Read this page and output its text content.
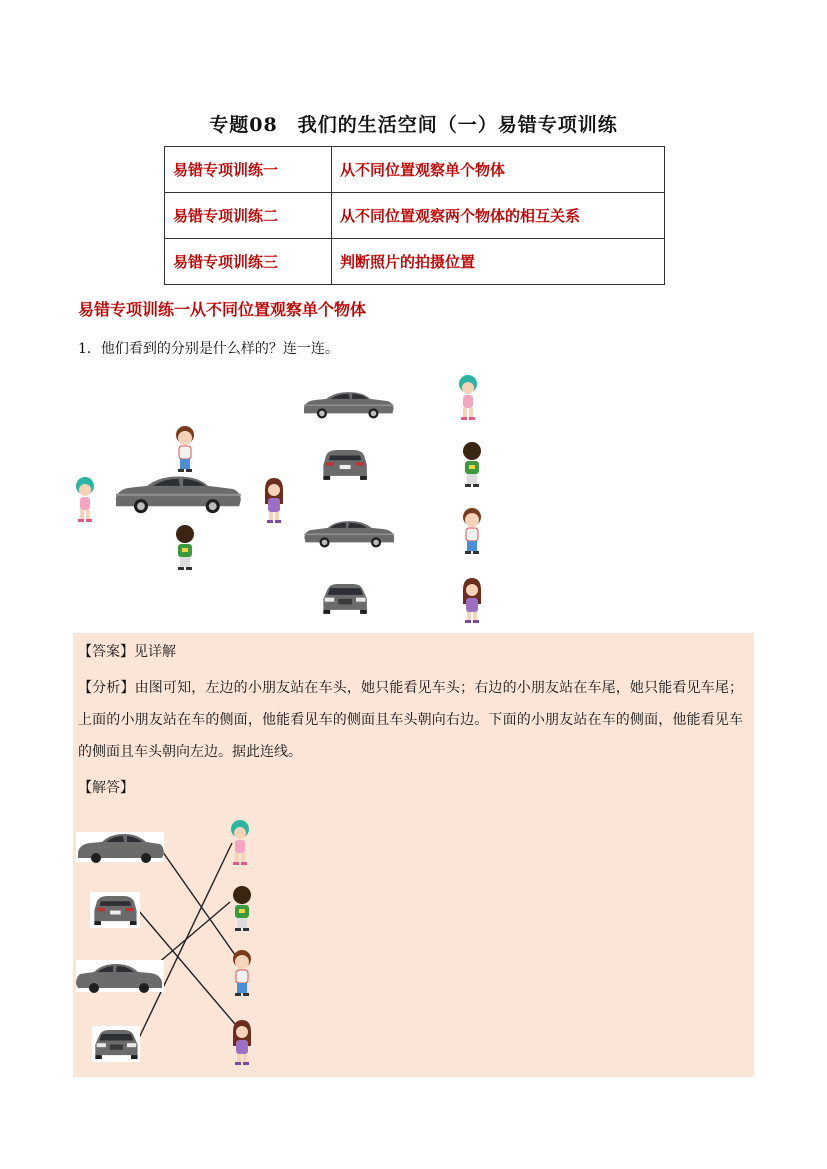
专题08　我们的生活空间（一）易错专项训练
易错专项训练一	从不同位置观察单个物体
易错专项训练二	从不同位置观察两个物体的相互关系
易错专项训练三	判断照片的拍摄位置
易错专项训练一从不同位置观察单个物体
1．他们看到的分别是什么样的？连一连。
【答案】见详解
【分析】由图可知，左边的小朋友站在车头，她只能看见车头；右边的小朋友站在车尾，她只能看见车尾；上面的小朋友站在车的侧面，他能看见车的侧面且车头朝向右边。下面的小朋友站在车的侧面，他能看见车的侧面且车头朝向左边。据此连线。
【解答】
